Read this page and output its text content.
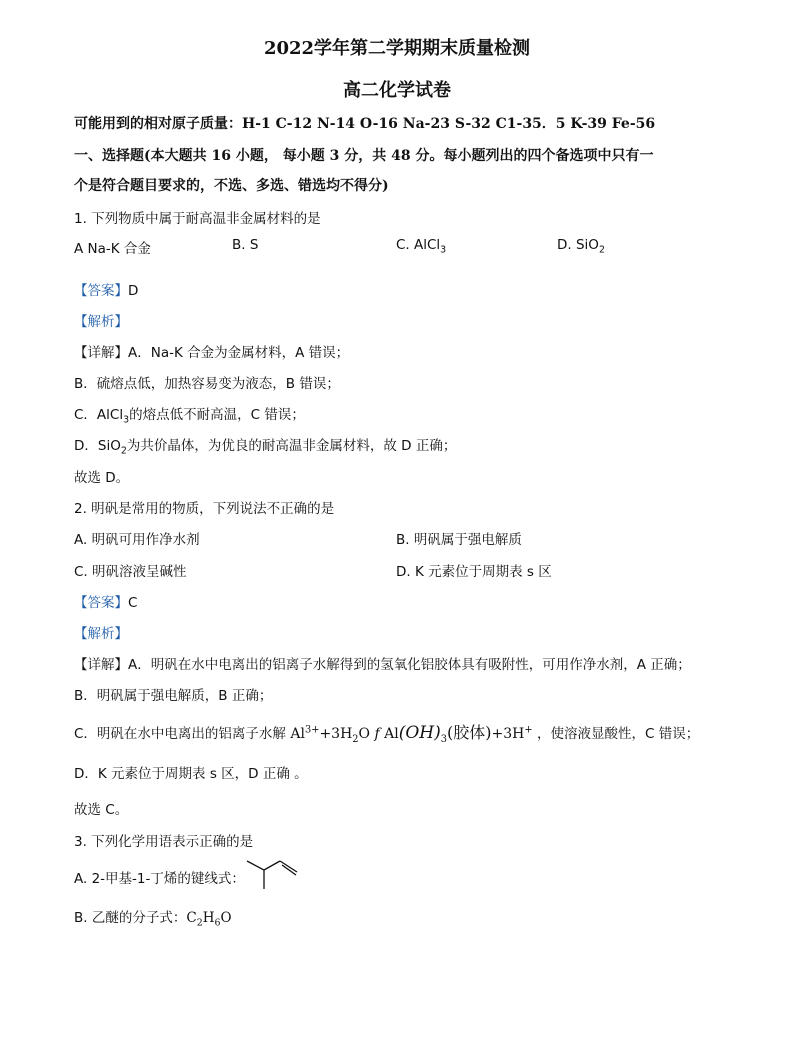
2022学年第二学期期末质量检测
高二化学试卷
可能用到的相对原子质量：H-1 C-12 N-14 O-16 Na-23 S-32 C1-35．5 K-39 Fe-56
一、选择题(本大题共 16 小题， 每小题 3 分，共 48 分。每小题列出的四个备选项中只有一
个是符合题目要求的，不选、多选、错选均不得分)
1. 下列物质中属于耐高温非金属材料的是
A Na-K 合金	B. S	C. AlCl$_3$	D. SiO$_2$
【答案】D
【解析】
【详解】A．Na-K 合金为金属材料，A 错误；
B．硫熔点低，加热容易变为液态，B 错误；
C．AlCl$_3$的熔点低不耐高温，C 错误；
D．SiO$_2$为共价晶体，为优良的耐高温非金属材料，故 D 正确；
故选 D。
2. 明矾是常用的物质，下列说法不正确的是
A. 明矾可用作净水剂	B. 明矾属于强电解质
C. 明矾溶液呈碱性	D. K 元素位于周期表 s 区
【答案】C
【解析】
【详解】A．明矾在水中电离出的铝离子水解得到的氢氧化铝胶体具有吸附性，可用作净水剂，A 正确；
B．明矾属于强电解质，B 正确；
C．明矾在水中电离出的铝离子水解 $Al^{3+}+3H_2O$ f $Al(OH)_3$(胶体)+3H+ ，使溶液显酸性，C 错误；
D．K 元素位于周期表 s 区，D 正确 。
故选 C。
3. 下列化学用语表示正确的是
A. 2-甲基-1-丁烯的键线式：
B. 乙醚的分子式：$C_2H_6O$
